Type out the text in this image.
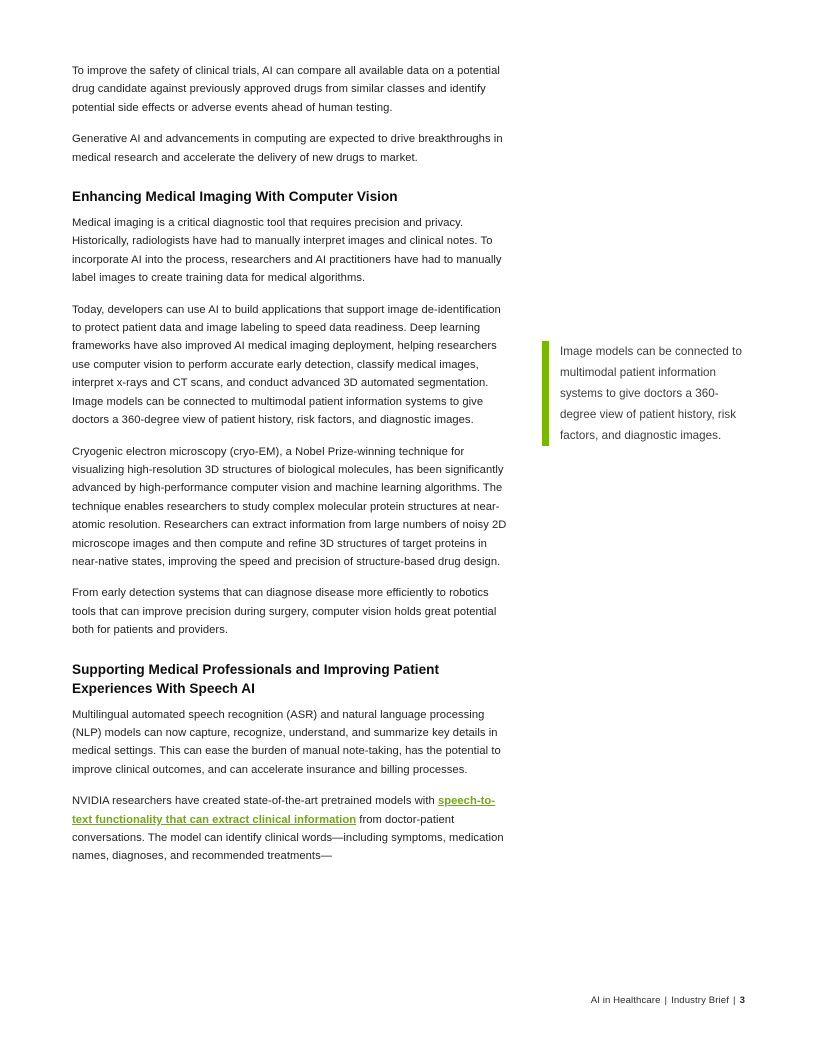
To improve the safety of clinical trials, AI can compare all available data on a potential drug candidate against previously approved drugs from similar classes and identify potential side effects or adverse events ahead of human testing.

Generative AI and advancements in computing are expected to drive breakthroughs in medical research and accelerate the delivery of new drugs to market.

Enhancing Medical Imaging With Computer Vision

Medical imaging is a critical diagnostic tool that requires precision and privacy. Historically, radiologists have had to manually interpret images and clinical notes. To incorporate AI into the process, researchers and AI practitioners have had to manually label images to create training data for medical algorithms.

Today, developers can use AI to build applications that support image de-identification to protect patient data and image labeling to speed data readiness. Deep learning frameworks have also improved AI medical imaging deployment, helping researchers use computer vision to perform accurate early detection, classify medical images, interpret x-rays and CT scans, and conduct advanced 3D automated segmentation. Image models can be connected to multimodal patient information systems to give doctors a 360-degree view of patient history, risk factors, and diagnostic images.

Cryogenic electron microscopy (cryo-EM), a Nobel Prize-winning technique for visualizing high-resolution 3D structures of biological molecules, has been significantly advanced by high-performance computer vision and machine learning algorithms. The technique enables researchers to study complex molecular protein structures at near-atomic resolution. Researchers can extract information from large numbers of noisy 2D microscope images and then compute and refine 3D structures of target proteins in near-native states, improving the speed and precision of structure-based drug design.

From early detection systems that can diagnose disease more efficiently to robotics tools that can improve precision during surgery, computer vision holds great potential both for patients and providers.

Supporting Medical Professionals and Improving Patient Experiences With Speech AI

Multilingual automated speech recognition (ASR) and natural language processing (NLP) models can now capture, recognize, understand, and summarize key details in medical settings. This can ease the burden of manual note-taking, has the potential to improve clinical outcomes, and can accelerate insurance and billing processes.

NVIDIA researchers have created state-of-the-art pretrained models with speech-to-text functionality that can extract clinical information from doctor-patient conversations. The model can identify clinical words—including symptoms, medication names, diagnoses, and recommended treatments—

Image models can be connected to multimodal patient information systems to give doctors a 360-degree view of patient history, risk factors, and diagnostic images.
AI in Healthcare | Industry Brief | 3
